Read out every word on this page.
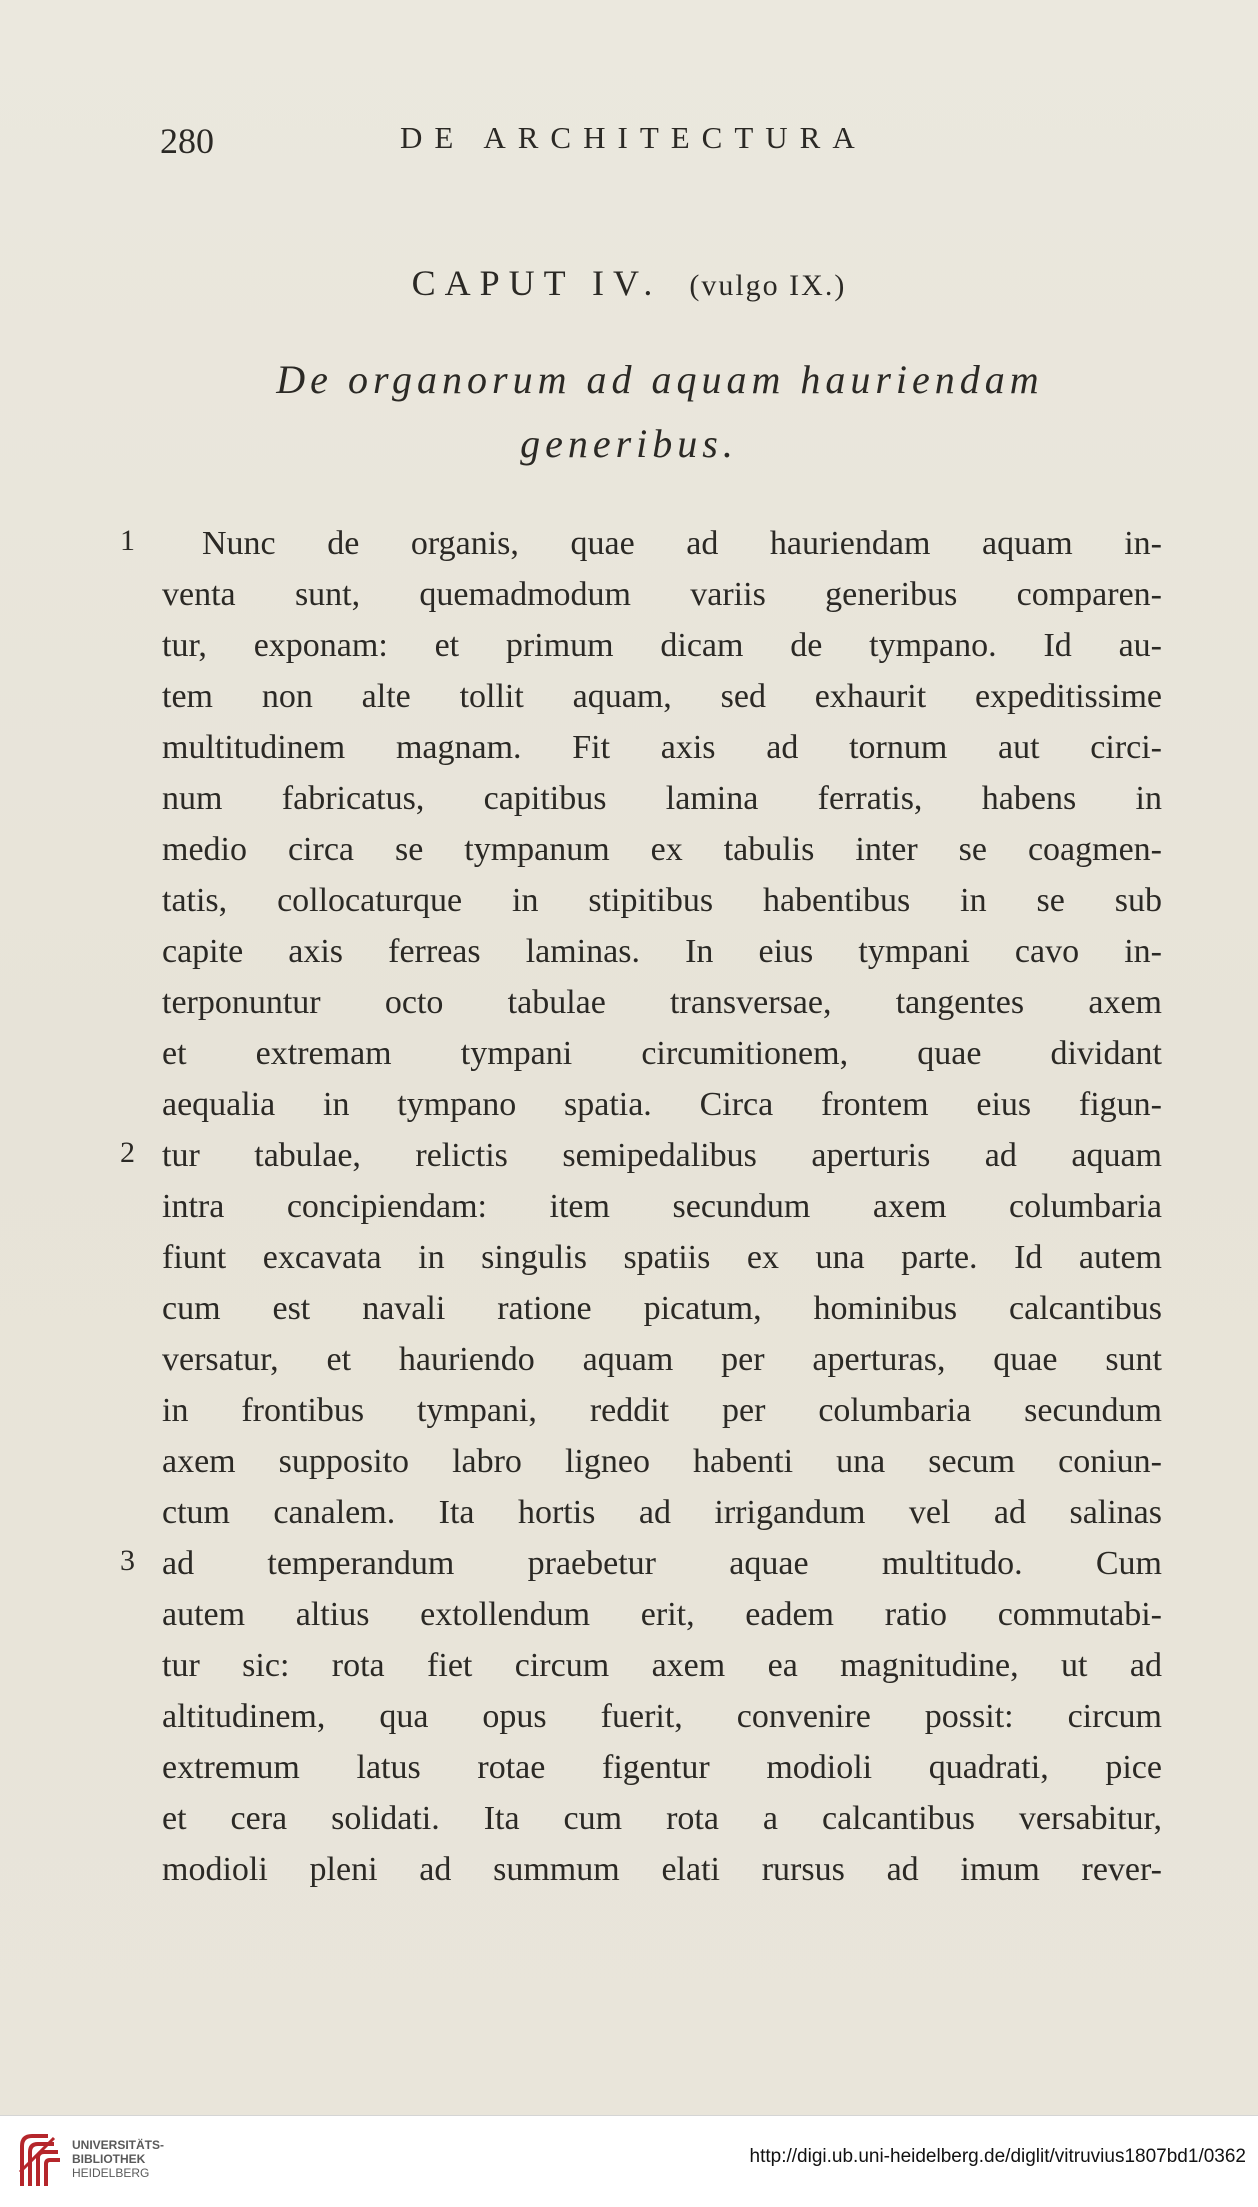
280	DE ARCHITECTURA
CAPUT IV. (vulgo IX.)
De organorum ad aquam hauriendam
generibus.
1
2
3
Nunc de organis, quae ad hauriendam aquam in-
venta sunt, quemadmodum variis generibus comparen-
tur, exponam: et primum dicam de tympano. Id au-
tem non alte tollit aquam, sed exhaurit expeditissime
multitudinem magnam. Fit axis ad tornum aut circi-
num fabricatus, capitibus lamina ferratis, habens in
medio circa se tympanum ex tabulis inter se coagmen-
tatis, collocaturque in stipitibus habentibus in se sub
capite axis ferreas laminas. In eius tympani cavo in-
terponuntur octo tabulae transversae, tangentes axem
et extremam tympani circumitionem, quae dividant
aequalia in tympano spatia. Circa frontem eius figun-
tur tabulae, relictis semipedalibus aperturis ad aquam
intra concipiendam: item secundum axem columbaria
fiunt excavata in singulis spatiis ex una parte. Id autem
cum est navali ratione picatum, hominibus calcantibus
versatur, et hauriendo aquam per aperturas, quae sunt
in frontibus tympani, reddit per columbaria secundum
axem supposito labro ligneo habenti una secum coniun-
ctum canalem. Ita hortis ad irrigandum vel ad salinas
ad temperandum praebetur aquae multitudo. Cum
autem altius extollendum erit, eadem ratio commutabi-
tur sic: rota fiet circum axem ea magnitudine, ut ad
altitudinem, qua opus fuerit, convenire possit: circum
extremum latus rotae figentur modioli quadrati, pice
et cera solidati. Ita cum rota a calcantibus versabitur,
modioli pleni ad summum elati rursus ad imum rever-
UNIVERSITÄTS-
BIBLIOTHEK
HEIDELBERG
http://digi.ub.uni-heidelberg.de/diglit/vitruvius1807bd1/0362
